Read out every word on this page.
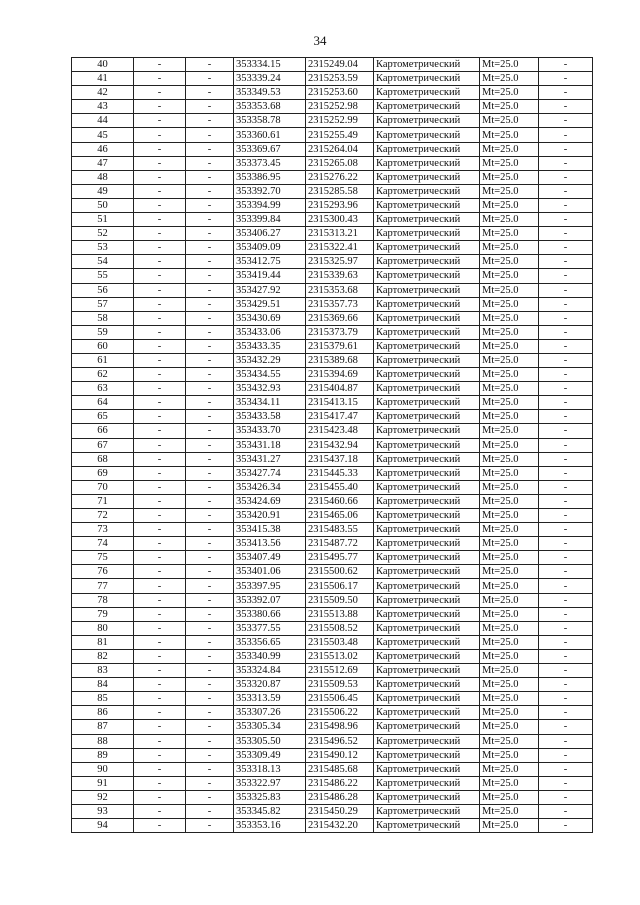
34
40	-	-	353334.15	2315249.04	Картометрический	Mt=25.0	-
41	-	-	353339.24	2315253.59	Картометрический	Mt=25.0	-
42	-	-	353349.53	2315253.60	Картометрический	Mt=25.0	-
43	-	-	353353.68	2315252.98	Картометрический	Mt=25.0	-
44	-	-	353358.78	2315252.99	Картометрический	Mt=25.0	-
45	-	-	353360.61	2315255.49	Картометрический	Mt=25.0	-
46	-	-	353369.67	2315264.04	Картометрический	Mt=25.0	-
47	-	-	353373.45	2315265.08	Картометрический	Mt=25.0	-
48	-	-	353386.95	2315276.22	Картометрический	Mt=25.0	-
49	-	-	353392.70	2315285.58	Картометрический	Mt=25.0	-
50	-	-	353394.99	2315293.96	Картометрический	Mt=25.0	-
51	-	-	353399.84	2315300.43	Картометрический	Mt=25.0	-
52	-	-	353406.27	2315313.21	Картометрический	Mt=25.0	-
53	-	-	353409.09	2315322.41	Картометрический	Mt=25.0	-
54	-	-	353412.75	2315325.97	Картометрический	Mt=25.0	-
55	-	-	353419.44	2315339.63	Картометрический	Mt=25.0	-
56	-	-	353427.92	2315353.68	Картометрический	Mt=25.0	-
57	-	-	353429.51	2315357.73	Картометрический	Mt=25.0	-
58	-	-	353430.69	2315369.66	Картометрический	Mt=25.0	-
59	-	-	353433.06	2315373.79	Картометрический	Mt=25.0	-
60	-	-	353433.35	2315379.61	Картометрический	Mt=25.0	-
61	-	-	353432.29	2315389.68	Картометрический	Mt=25.0	-
62	-	-	353434.55	2315394.69	Картометрический	Mt=25.0	-
63	-	-	353432.93	2315404.87	Картометрический	Mt=25.0	-
64	-	-	353434.11	2315413.15	Картометрический	Mt=25.0	-
65	-	-	353433.58	2315417.47	Картометрический	Mt=25.0	-
66	-	-	353433.70	2315423.48	Картометрический	Mt=25.0	-
67	-	-	353431.18	2315432.94	Картометрический	Mt=25.0	-
68	-	-	353431.27	2315437.18	Картометрический	Mt=25.0	-
69	-	-	353427.74	2315445.33	Картометрический	Mt=25.0	-
70	-	-	353426.34	2315455.40	Картометрический	Mt=25.0	-
71	-	-	353424.69	2315460.66	Картометрический	Mt=25.0	-
72	-	-	353420.91	2315465.06	Картометрический	Mt=25.0	-
73	-	-	353415.38	2315483.55	Картометрический	Mt=25.0	-
74	-	-	353413.56	2315487.72	Картометрический	Mt=25.0	-
75	-	-	353407.49	2315495.77	Картометрический	Mt=25.0	-
76	-	-	353401.06	2315500.62	Картометрический	Mt=25.0	-
77	-	-	353397.95	2315506.17	Картометрический	Mt=25.0	-
78	-	-	353392.07	2315509.50	Картометрический	Mt=25.0	-
79	-	-	353380.66	2315513.88	Картометрический	Mt=25.0	-
80	-	-	353377.55	2315508.52	Картометрический	Mt=25.0	-
81	-	-	353356.65	2315503.48	Картометрический	Mt=25.0	-
82	-	-	353340.99	2315513.02	Картометрический	Mt=25.0	-
83	-	-	353324.84	2315512.69	Картометрический	Mt=25.0	-
84	-	-	353320.87	2315509.53	Картометрический	Mt=25.0	-
85	-	-	353313.59	2315506.45	Картометрический	Mt=25.0	-
86	-	-	353307.26	2315506.22	Картометрический	Mt=25.0	-
87	-	-	353305.34	2315498.96	Картометрический	Mt=25.0	-
88	-	-	353305.50	2315496.52	Картометрический	Mt=25.0	-
89	-	-	353309.49	2315490.12	Картометрический	Mt=25.0	-
90	-	-	353318.13	2315485.68	Картометрический	Mt=25.0	-
91	-	-	353322.97	2315486.22	Картометрический	Mt=25.0	-
92	-	-	353325.83	2315486.28	Картометрический	Mt=25.0	-
93	-	-	353345.82	2315450.29	Картометрический	Mt=25.0	-
94	-	-	353353.16	2315432.20	Картометрический	Mt=25.0	-
